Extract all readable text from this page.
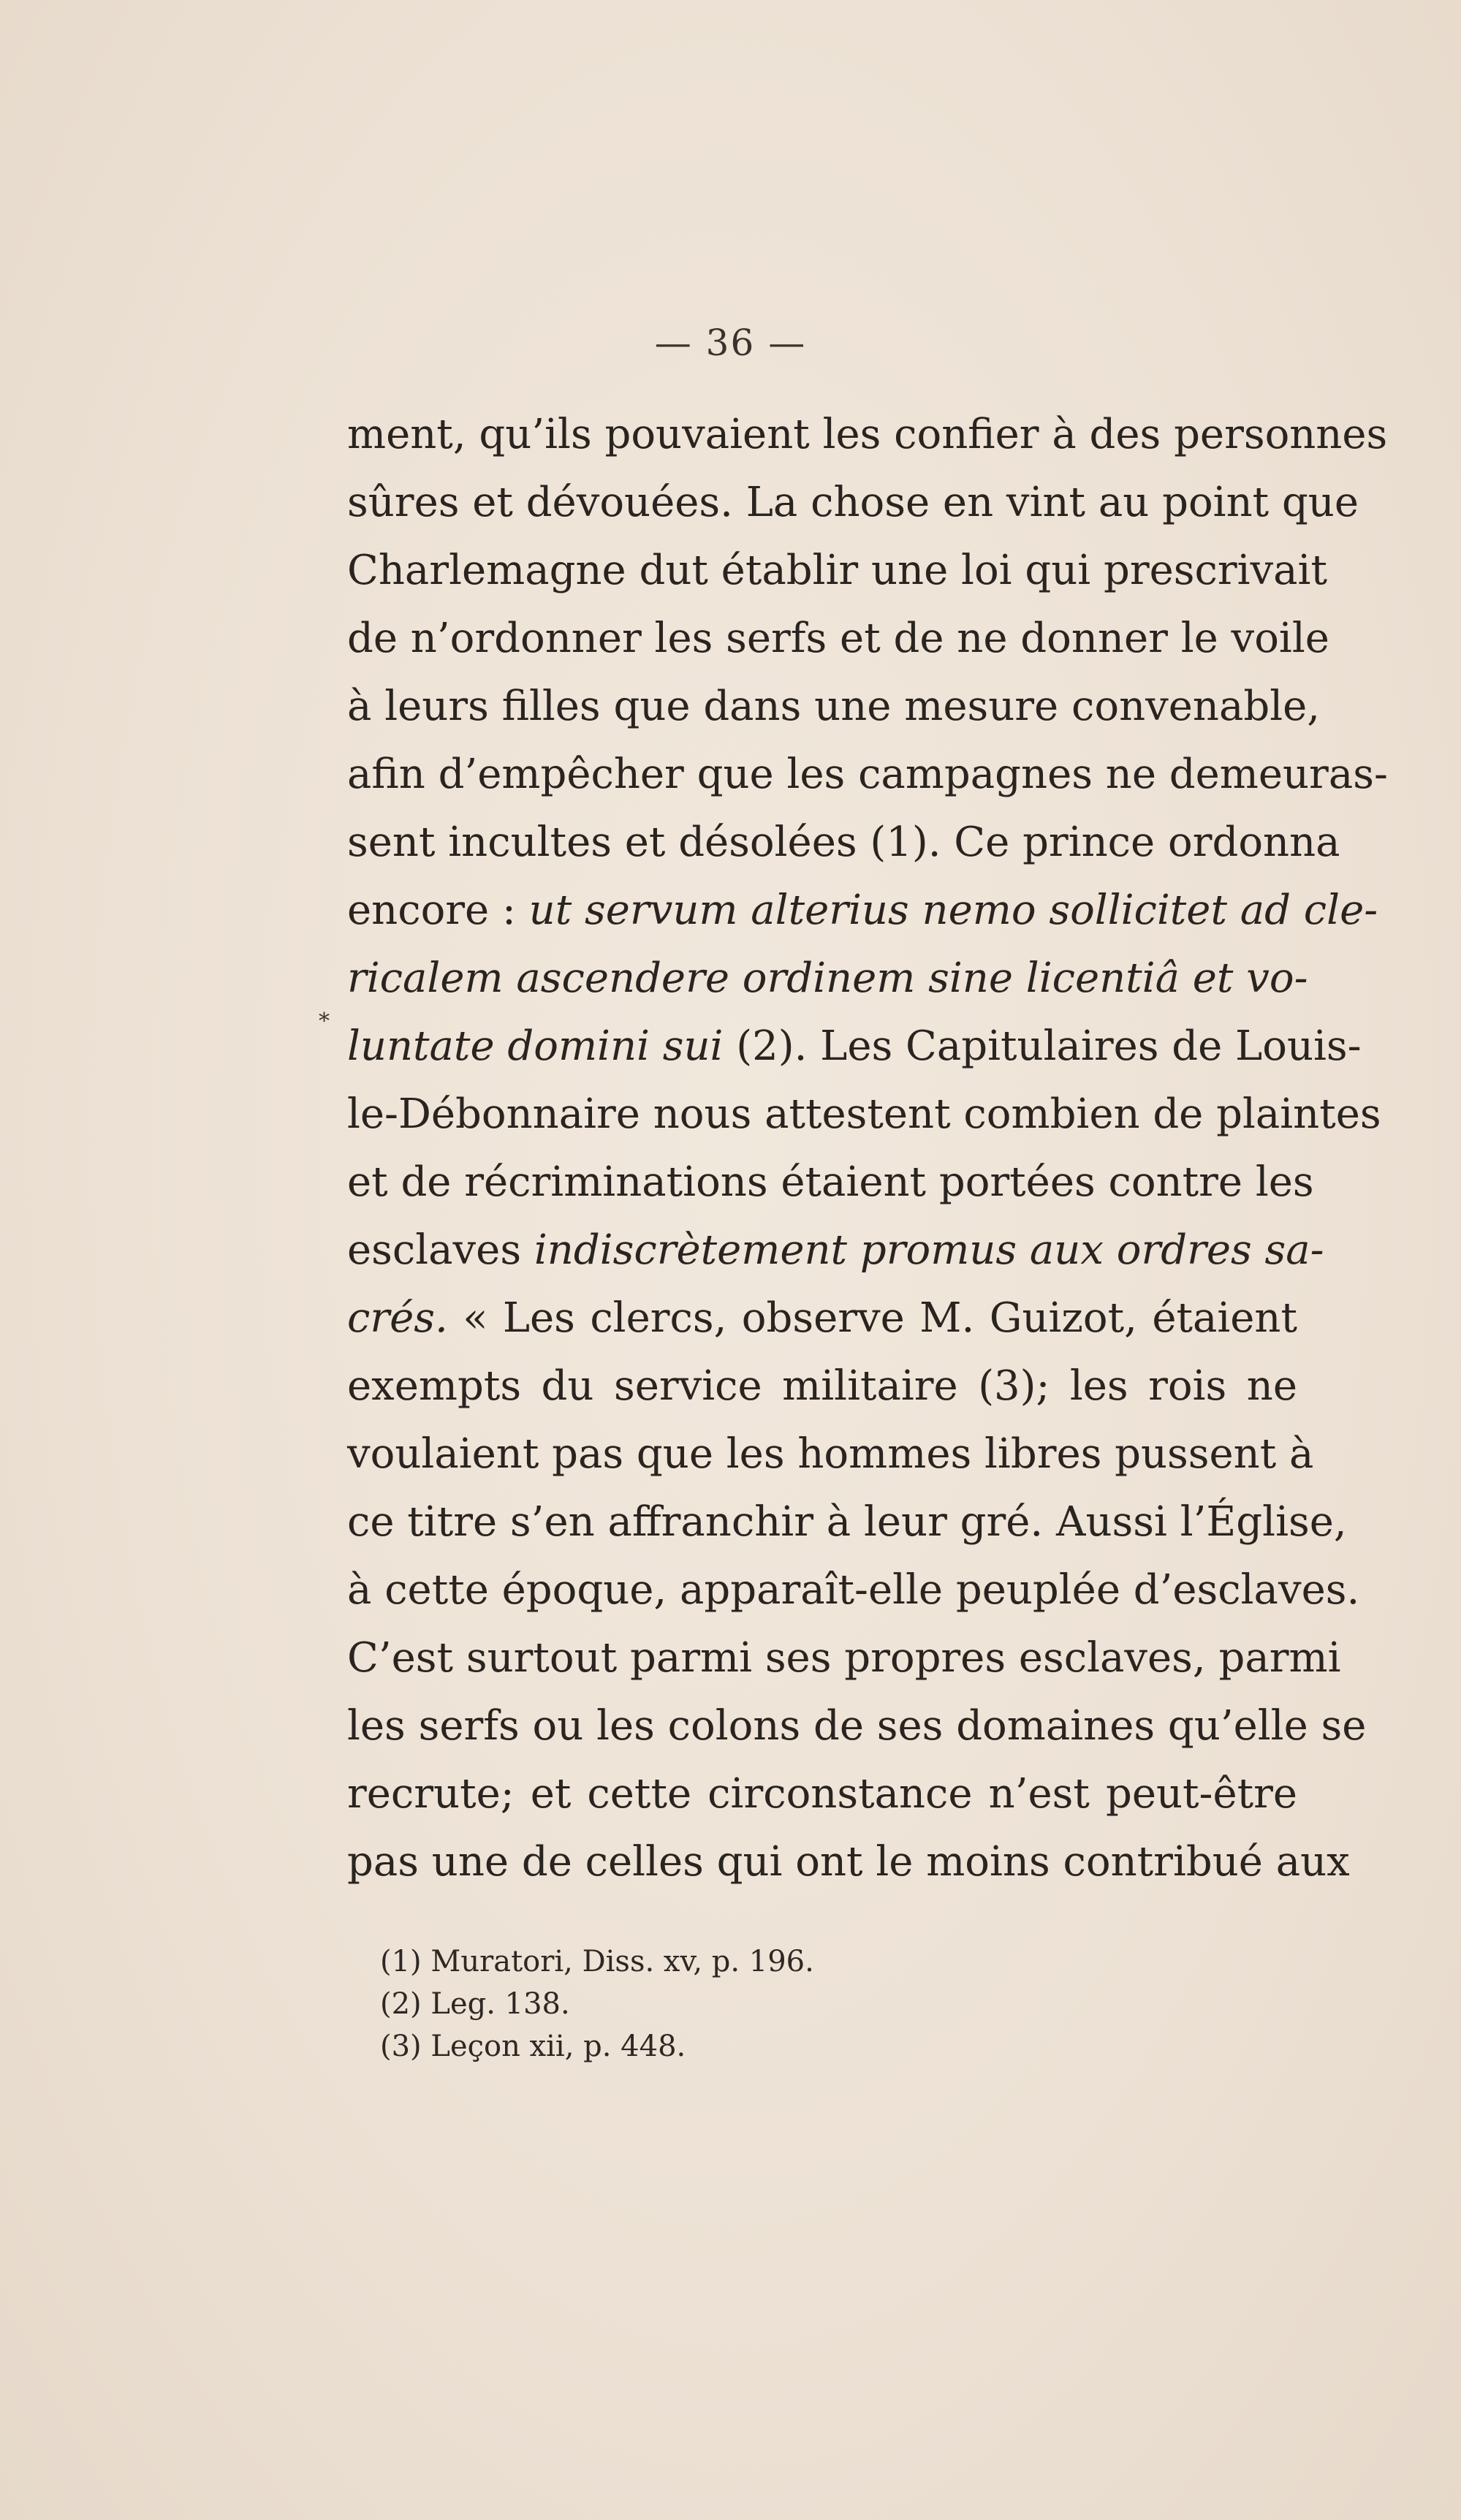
— 36 —
*
ment, qu’ils pouvaient les confier à des personnes
sûres et dévouées. La chose en vint au point que
Charlemagne dut établir une loi qui prescrivait
de n’ordonner les serfs et de ne donner le voile
à leurs filles que dans une mesure convenable,
afin d’empêcher que les campagnes ne demeuras-
sent incultes et désolées (1). Ce prince ordonna
encore : ut servum alterius nemo sollicitet ad cle-
ricalem ascendere ordinem sine licentiâ et vo-
luntate domini sui (2). Les Capitulaires de Louis-
le-Débonnaire nous attestent combien de plaintes
et de récriminations étaient portées contre les
esclaves indiscrètement promus aux ordres sa-
crés. « Les clercs, observe M. Guizot, étaient
exempts du service militaire (3); les rois ne
voulaient pas que les hommes libres pussent à
ce titre s’en affranchir à leur gré. Aussi l’Église,
à cette époque, apparaît-elle peuplée d’esclaves.
C’est surtout parmi ses propres esclaves, parmi
les serfs ou les colons de ses domaines qu’elle se
recrute; et cette circonstance n’est peut-être
pas une de celles qui ont le moins contribué aux
(1) Muratori, Diss. xv, p. 196.
(2) Leg. 138.
(3) Leçon xii, p. 448.
